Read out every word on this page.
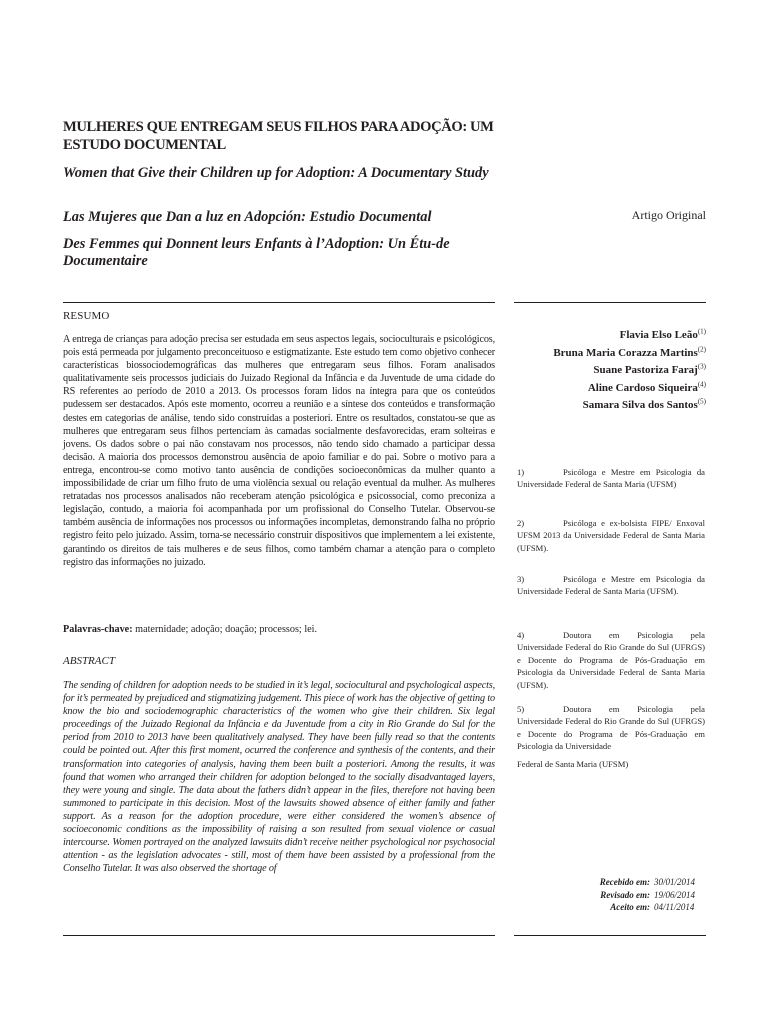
MULHERES QUE ENTREGAM SEUS FILHOS PARA ADOÇÃO: UM ESTUDO DOCUMENTAL
Women that Give their Children up for Adoption: A Documentary Study
Las Mujeres que Dan a luz en Adopción: Estudio Documental
Des Femmes qui Donnent leurs Enfants à l’Adoption: Un Étu-de Documentaire
Artigo Original
RESUMO

A entrega de crianças para adoção precisa ser estudada em seus aspectos legais, socioculturais e psicológicos, pois está permeada por julgamento preconceituoso e estigmatizante. Este estudo tem como objetivo conhecer características biossociodemográficas das mulheres que entregaram seus filhos. Foram analisados qualitativamente seis processos judiciais do Juizado Regional da Infância e da Juventude de uma cidade do RS referentes ao período de 2010 a 2013. Os processos foram lidos na íntegra para que os conteúdos pudessem ser destacados. Após este momento, ocorreu a reunião e a síntese dos conteúdos e transformação destes em categorias de análise, tendo sido construídas a posteriori. Entre os resultados, constatou-se que as mulheres que entregaram seus filhos pertenciam às camadas socialmente desfavorecidas, eram solteiras e jovens. Os dados sobre o pai não constavam nos processos, não tendo sido chamado a participar dessa decisão. A maioria dos processos demonstrou ausência de apoio familiar e do pai. Sobre o motivo para a entrega, encontrou-se como motivo tanto ausência de condições socioeconômicas da mulher quanto a impossibilidade de criar um filho fruto de uma violência sexual ou relação eventual da mulher. As mulheres retratadas nos processos analisados não receberam atenção psicológica e psicossocial, como preconiza a legislação, contudo, a maioria foi acompanhada por um profissional do Conselho Tutelar. Observou-se também ausência de informações nos processos ou informações incompletas, demonstrando falha no próprio registro feito pelo juizado. Assim, torna-se necessário construir dispositivos que implementem a lei existente, garantindo os direitos de tais mulheres e de seus filhos, como também chamar a atenção para o completo registro das informações no juizado.

Palavras-chave: maternidade; adoção; doação; processos; lei.

ABSTRACT

The sending of children for adoption needs to be studied in it’s legal, sociocultural and psychological aspects, for it’s permeated by prejudiced and stigmatizing judgement. This piece of work has the objective of getting to know the bio and sociodemographic characteristics of the women who give their children. Six legal proceedings of the Juizado Regional da Infância e da Juventude from a city in Rio Grande do Sul for the period from 2010 to 2013 have been qualitatively analysed. They have been fully read so that the contents could be pointed out. After this first moment, ocurred the conference and synthesis of the contents, and their transformation into categories of analysis, having them been built a posteriori. Among the results, it was found that women who arranged their children for adoption belonged to the socially disadvantaged layers, they were young and single. The data about the fathers didn’t appear in the files, therefore not having been summoned to participate in this decision. Most of the lawsuits showed absence of either family and father support. As a reason for the adoption procedure, were either considered the women’s absence of socioeconomic conditions as the impossibility of raising a son resulted from sexual violence or casual intercourse. Women portrayed on the analyzed lawsuits didn’t receive neither psychological nor psychosocial attention - as the legislation advocates - still, most of them have been assisted by a professional from the Conselho Tutelar. It was also observed the shortage of

Flavia Elso Leão$^{(1)}$
Bruna Maria Corazza Martins$^{(2)}$
Suane Pastoriza Faraj$^{(3)}$
Aline Cardoso Siqueira$^{(4)}$
Samara Silva dos Santos$^{(5)}$

1)	Psicóloga e Mestre em Psicologia da Universidade Federal de Santa Maria (UFSM)

2)	Psicóloga e ex-bolsista FIPE/ Enxoval UFSM 2013 da Universidade Federal de Santa Maria (UFSM).

3)	Psicóloga e Mestre em Psicologia da Universidade Federal de Santa Maria (UFSM).

4)	Doutora em Psicologia pela Universidade Federal do Rio Grande do Sul (UFRGS) e Docente do Programa de Pós-Graduação em Psicologia da Universidade Federal de Santa Maria (UFSM).

5)	Doutora em Psicologia pela Universidade Federal do Rio Grande do Sul (UFRGS) e Docente do Programa de Pós-Graduação em Psicologia da Universidade

Federal de Santa Maria (UFSM)

Recebido em: 30/01/2014
Revisado em: 19/06/2014
Aceito em: 04/11/2014
